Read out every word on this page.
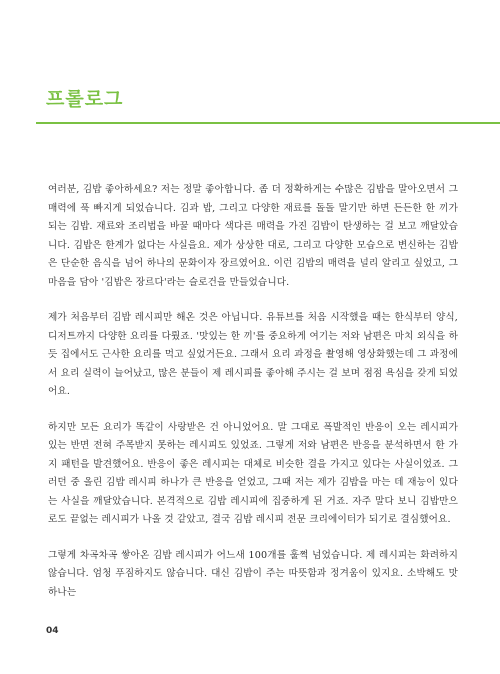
프롤로그

여러분, 김밥 좋아하세요? 저는 정말 좋아합니다. 좀 더 정확하게는 수많은 김밥을 말아오면서 그 매력에 푹 빠지게 되었습니다. 김과 밥, 그리고 다양한 재료를 돌돌 말기만 하면 든든한 한 끼가 되는 김밥. 재료와 조리법을 바꿀 때마다 색다른 매력을 가진 김밥이 탄생하는 걸 보고 깨달았습니다. 김밥은 한계가 없다는 사실을요. 제가 상상한 대로, 그리고 다양한 모습으로 변신하는 김밥은 단순한 음식을 넘어 하나의 문화이자 장르였어요. 이런 김밥의 매력을 널리 알리고 싶었고, 그 마음을 담아 '김밥은 장르다'라는 슬로건을 만들었습니다.

제가 처음부터 김밥 레시피만 해온 것은 아닙니다. 유튜브를 처음 시작했을 때는 한식부터 양식, 디저트까지 다양한 요리를 다뤘죠. '맛있는 한 끼'를 중요하게 여기는 저와 남편은 마치 외식을 하듯 집에서도 근사한 요리를 먹고 싶었거든요. 그래서 요리 과정을 촬영해 영상화했는데 그 과정에서 요리 실력이 늘어났고, 많은 분들이 제 레시피를 좋아해 주시는 걸 보며 점점 욕심을 갖게 되었어요.

하지만 모든 요리가 똑같이 사랑받은 건 아니었어요. 말 그대로 폭발적인 반응이 오는 레시피가 있는 반면 전혀 주목받지 못하는 레시피도 있었죠. 그렇게 저와 남편은 반응을 분석하면서 한 가지 패턴을 발견했어요. 반응이 좋은 레시피는 대체로 비슷한 결을 가지고 있다는 사실이었죠. 그러던 중 올린 김밥 레시피 하나가 큰 반응을 얻었고, 그때 저는 제가 김밥을 마는 데 재능이 있다는 사실을 깨달았습니다. 본격적으로 김밥 레시피에 집중하게 된 거죠. 자주 말다 보니 김밥만으로도 끝없는 레시피가 나올 것 같았고, 결국 김밥 레시피 전문 크리에이터가 되기로 결심했어요.

그렇게 차곡차곡 쌓아온 김밥 레시피가 어느새 100개를 훌쩍 넘었습니다. 제 레시피는 화려하지 않습니다. 엄청 푸짐하지도 않습니다. 대신 김밥이 주는 따뜻함과 정겨움이 있지요. 소박해도 맛 하나는

04
